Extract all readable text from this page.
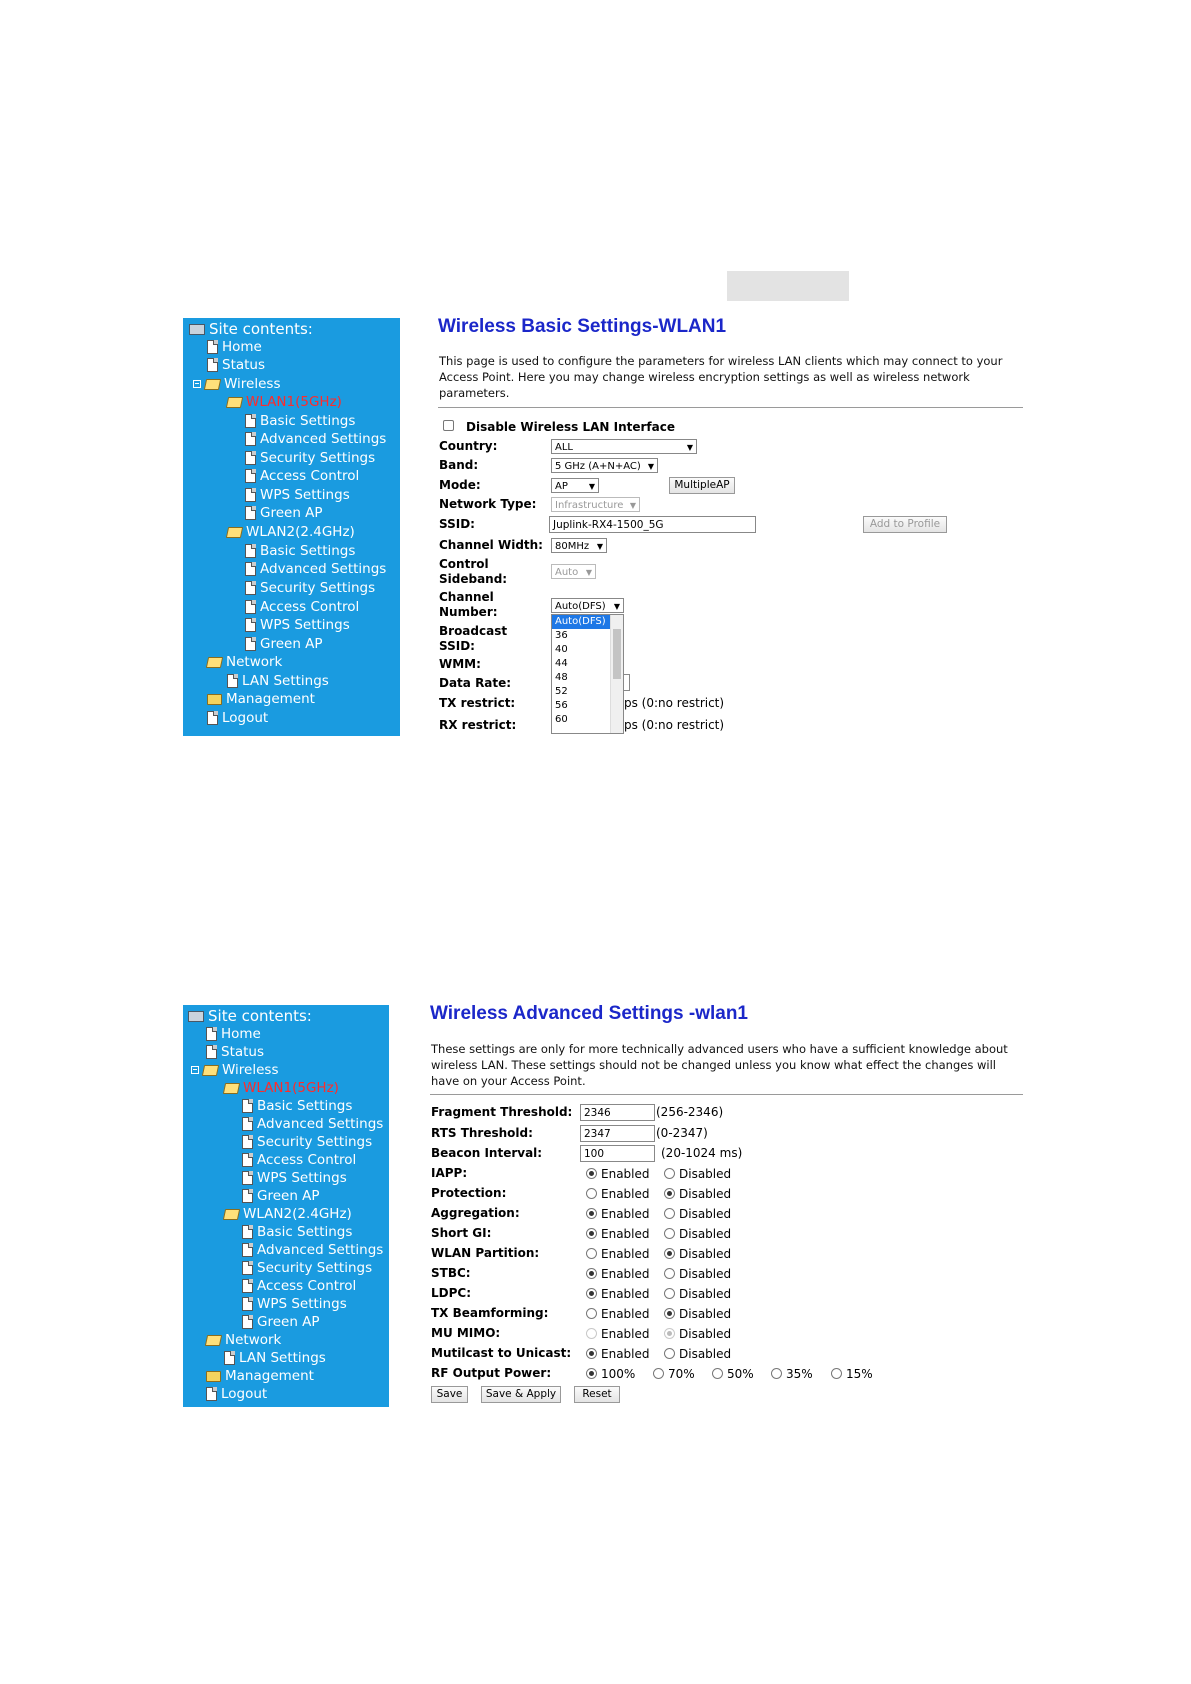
Site contents:
Home
Status
Wireless
WLAN1(5GHz)
Basic Settings
Advanced Settings
Security Settings
Access Control
WPS Settings
Green AP
WLAN2(2.4GHz)
Basic Settings
Advanced Settings
Security Settings
Access Control
WPS Settings
Green AP
Network
LAN Settings
Management
Logout
Wireless Basic Settings-WLAN1
This page is used to configure the parameters for wireless LAN clients which may connect to your Access Point. Here you may change wireless encryption settings as well as wireless network parameters.
Disable Wireless LAN Interface
Country:	ALL	▼
Band:	5 GHz (A+N+AC) ▼
Mode:	AP	▼	MultipleAP
Network Type:	Infrastructure ▼
SSID:	Juplink-RX4-1500_5G	Add to Profile
Channel Width:	80MHz ▼
Control Sideband:	Auto ▼
Channel Number:	Auto(DFS) ▼
Auto(DFS)
36
40
44
48
52
56
60
Broadcast SSID:
WMM:
Data Rate:
TX restrict:	ps (0:no restrict)
RX restrict:	ps (0:no restrict)
Site contents:
Home
Status
Wireless
WLAN1(5GHz)
Basic Settings
Advanced Settings
Security Settings
Access Control
WPS Settings
Green AP
WLAN2(2.4GHz)
Basic Settings
Advanced Settings
Security Settings
Access Control
WPS Settings
Green AP
Network
LAN Settings
Management
Logout
Wireless Advanced Settings -wlan1
These settings are only for more technically advanced users who have a sufficient knowledge about wireless LAN. These settings should not be changed unless you know what effect the changes will have on your Access Point.
Fragment Threshold:	2346	(256-2346)
RTS Threshold:	2347	(0-2347)
Beacon Interval:	100	(20-1024 ms)
IAPP:	Enabled Disabled
Protection:	Enabled Disabled
Aggregation:	Enabled Disabled
Short GI:	Enabled Disabled
WLAN Partition:	Enabled Disabled
STBC:	Enabled Disabled
LDPC:	Enabled Disabled
TX Beamforming:	Enabled Disabled
MU MIMO:	Enabled Disabled
Mutilcast to Unicast: Enabled Disabled
RF Output Power:	100%	70%	50%	35%	15%
Save	Save & Apply	Reset
